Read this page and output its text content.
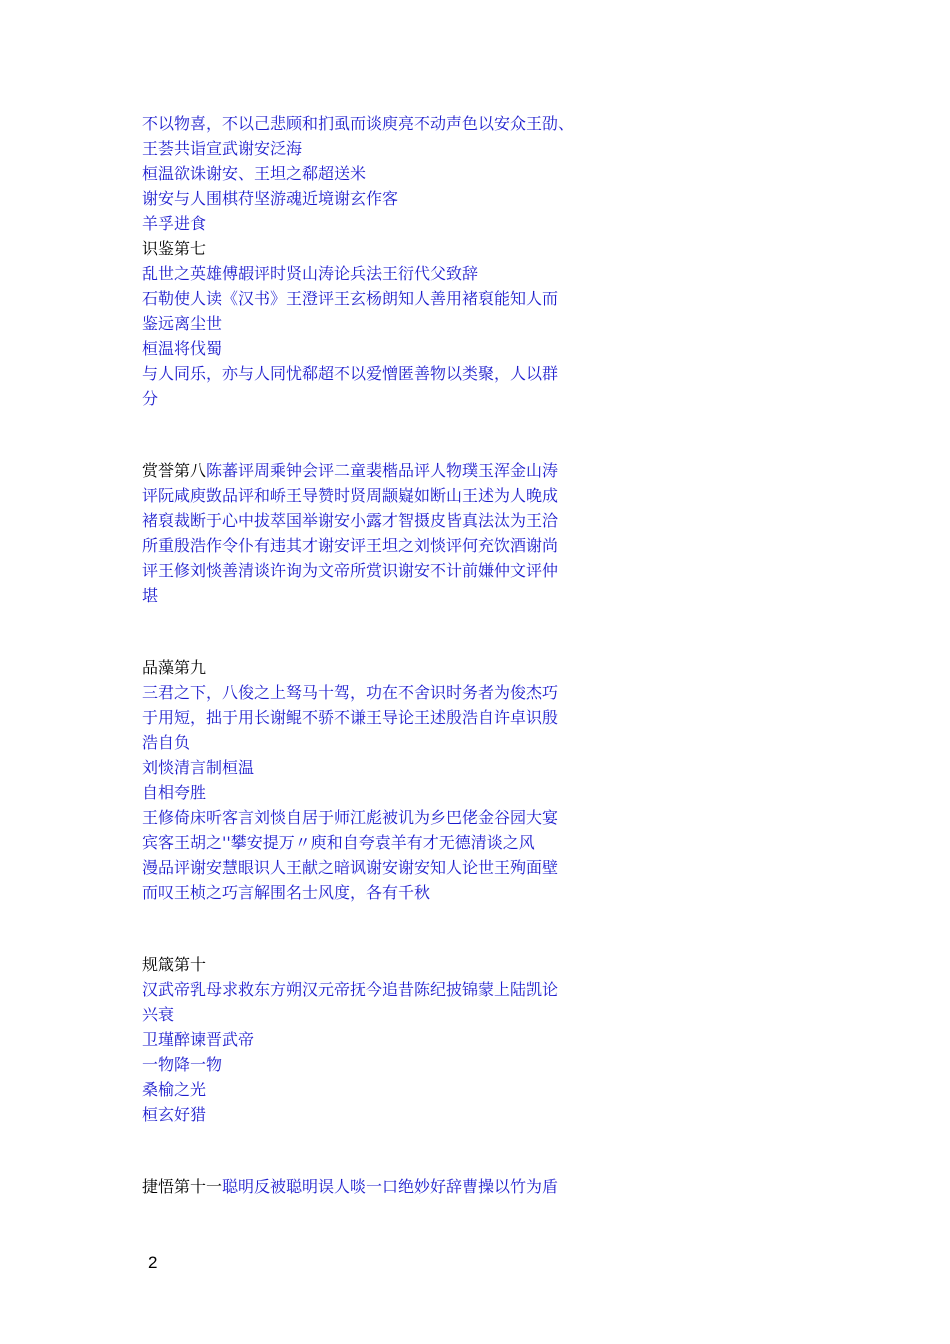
不以物喜，不以己悲顾和扪虱而谈庾亮不动声色以安众王劭、
王荟共诣宣武谢安泛海
桓温欲诛谢安、王坦之郗超送米
谢安与人围棋苻坚游魂近境谢玄作客
羊孚进食
识鉴第七
乱世之英雄傅嘏评时贤山涛论兵法王衍代父致辞
石勒使人读《汉书》王澄评王玄杨朗知人善用褚裒能知人而
鉴远离尘世
桓温将伐蜀
与人同乐，亦与人同忧郗超不以爱憎匿善物以类聚，人以群
分
赏誉第八陈蕃评周乘钟会评二童裴楷品评人物璞玉浑金山涛
评阮咸庾敳品评和峤王导赞时贤周颛嶷如断山王述为人晚成
褚裒裁断于心中拔萃国举谢安小露才智摄皮皆真法汰为王洽
所重殷浩作令仆有违其才谢安评王坦之刘惔评何充饮酒谢尚
评王修刘惔善清谈许询为文帝所赏识谢安不计前嫌仲文评仲
堪
品藻第九
三君之下，八俊之上驽马十驾，功在不舍识时务者为俊杰巧
于用短，拙于用长谢鲲不骄不谦王导论王述殷浩自许卓识殷
浩自负
刘惔清言制桓温
自相夸胜
王修倚床听客言刘惔自居于师江彪被讥为乡巴佬金谷园大宴
宾客王胡之''攀安提万〃庾和自夸袁羊有才无德清谈之风
漫品评谢安慧眼识人王献之暗讽谢安谢安知人论世王殉面壁
而叹王桢之巧言解围名士风度，各有千秋
规箴第十
汉武帝乳母求救东方朔汉元帝抚今追昔陈纪披锦蒙上陆凯论
兴衰
卫瑾醉谏晋武帝
一物降一物
桑榆之光
桓玄好猎
捷悟第十一聪明反被聪明误人啖一口绝妙好辞曹操以竹为盾
2
